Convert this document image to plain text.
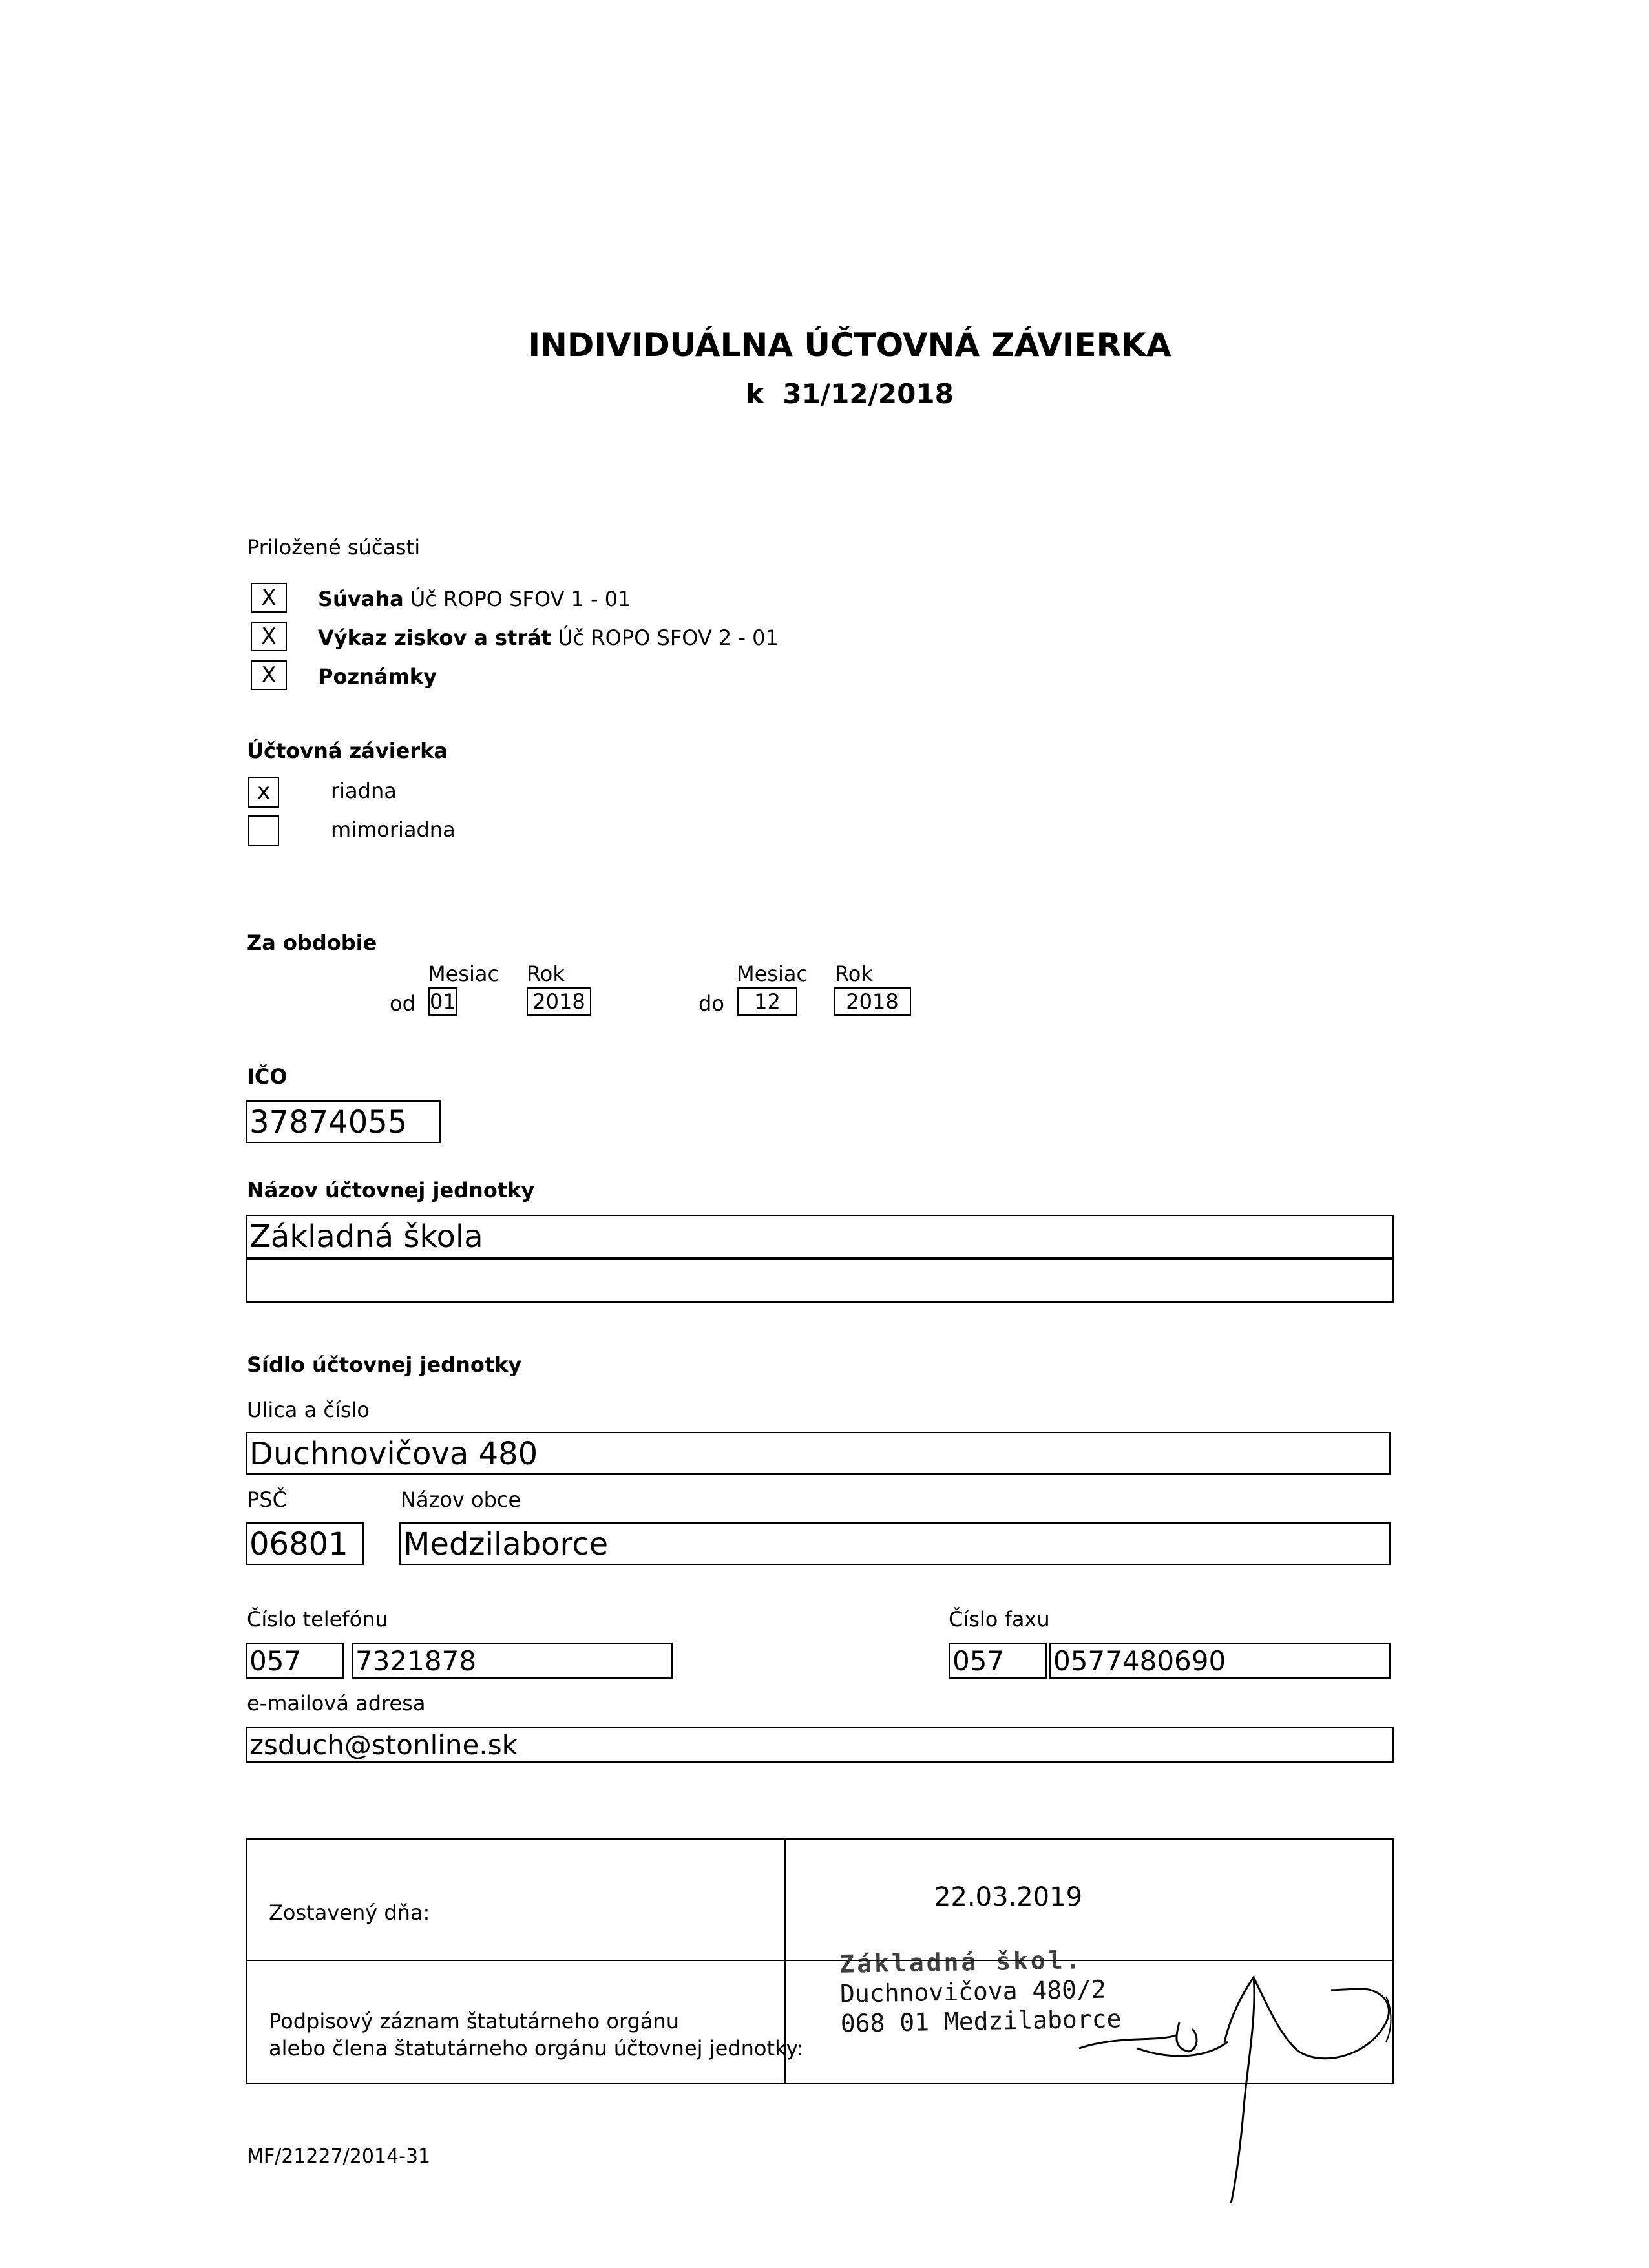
INDIVIDUÁLNA ÚČTOVNÁ ZÁVIERKA
k  31/12/2018
Priložené súčasti
X	Súvaha Úč ROPO SFOV 1 - 01
X	Výkaz ziskov a strát Úč ROPO SFOV 2 - 01
X	Poznámky
Účtovná závierka
x	riadna
mimoriadna
Za obdobie
Mesiac Rok	Mesiac Rok
od 01	2018	do	12	2018
IČO
37874055
Názov účtovnej jednotky
Základná škola
Sídlo účtovnej jednotky
Ulica a číslo
Duchnovičova 480
PSČ	Názov obce
06801 Medzilaborce
Číslo telefónu	Číslo faxu
057 7321878	057 0577480690
e-mailová adresa
zsduch@stonline.sk
Zostavený dňa:	22.03.2019

Podpisový záznam štatutárneho orgánu
alebo člena štatutárneho orgánu účtovnej jednotky:	

Základná škol.
Duchnovičova 480/2
068 01 Medzilaborce
MF/21227/2014-31
